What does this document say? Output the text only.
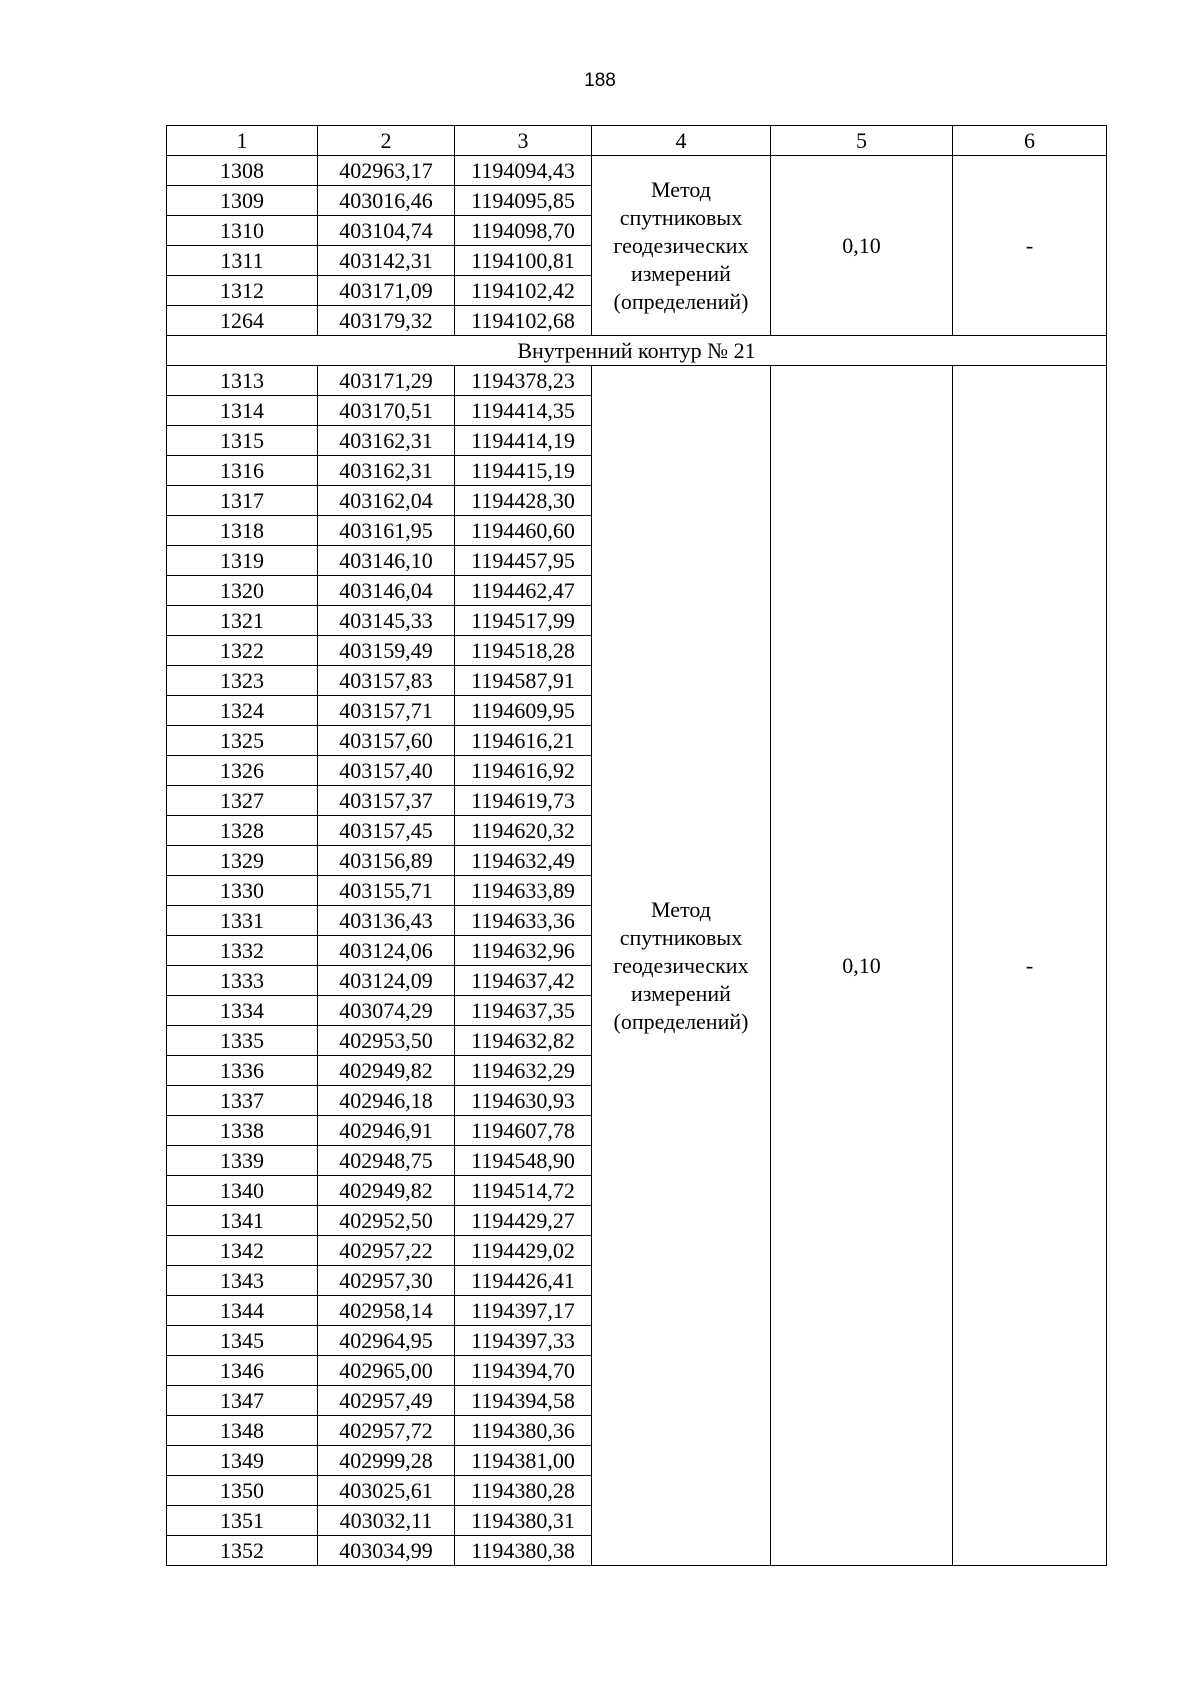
188
1	2	3	4	5	6
1308	402963,17	1194094,43	Метод спутниковых геодезических измерений (определений)	0,10	-
1309	403016,46	1194095,85			
1310	403104,74	1194098,70			
1311	403142,31	1194100,81			
1312	403171,09	1194102,42			
1264	403179,32	1194102,68			
Внутренний контур № 21					
1313	403171,29	1194378,23	Метод спутниковых геодезических измерений (определений)	0,10	-
1314	403170,51	1194414,35			
1315	403162,31	1194414,19			
1316	403162,31	1194415,19			
1317	403162,04	1194428,30			
1318	403161,95	1194460,60			
1319	403146,10	1194457,95			
1320	403146,04	1194462,47			
1321	403145,33	1194517,99			
1322	403159,49	1194518,28			
1323	403157,83	1194587,91			
1324	403157,71	1194609,95			
1325	403157,60	1194616,21			
1326	403157,40	1194616,92			
1327	403157,37	1194619,73			
1328	403157,45	1194620,32			
1329	403156,89	1194632,49			
1330	403155,71	1194633,89			
1331	403136,43	1194633,36			
1332	403124,06	1194632,96			
1333	403124,09	1194637,42			
1334	403074,29	1194637,35			
1335	402953,50	1194632,82			
1336	402949,82	1194632,29			
1337	402946,18	1194630,93			
1338	402946,91	1194607,78			
1339	402948,75	1194548,90			
1340	402949,82	1194514,72			
1341	402952,50	1194429,27			
1342	402957,22	1194429,02			
1343	402957,30	1194426,41			
1344	402958,14	1194397,17			
1345	402964,95	1194397,33			
1346	402965,00	1194394,70			
1347	402957,49	1194394,58			
1348	402957,72	1194380,36			
1349	402999,28	1194381,00			
1350	403025,61	1194380,28			
1351	403032,11	1194380,31			
1352	403034,99	1194380,38			
